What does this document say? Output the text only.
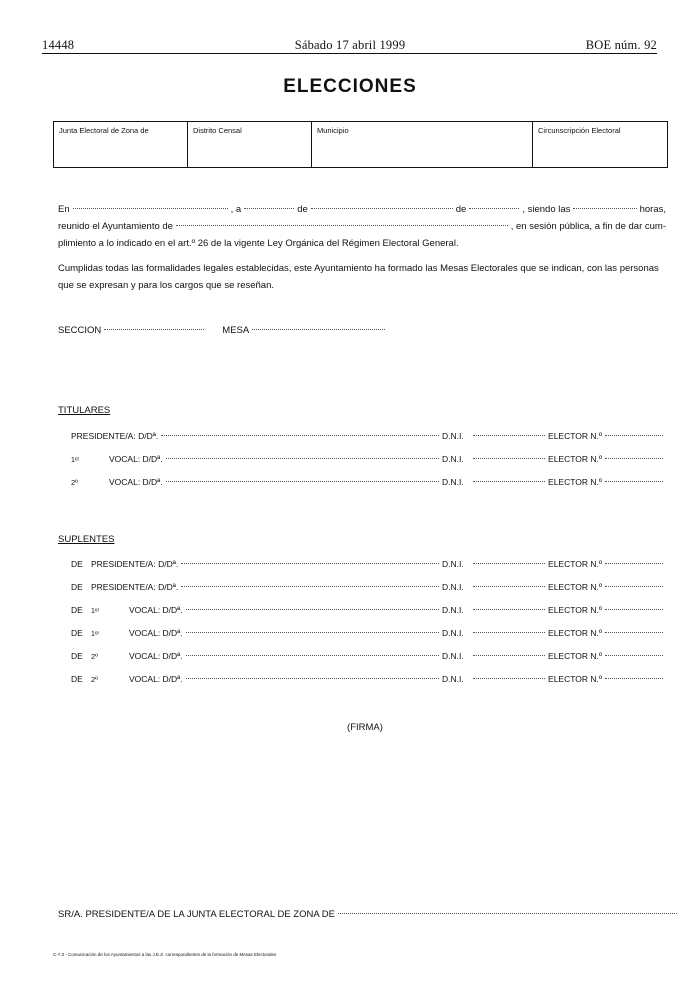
14448	Sábado 17 abril 1999	BOE núm. 92
ELECCIONES
Junta Electoral de Zona de	Distrito Censal	Municipio	Circunscripción Electoral
En	, a	de	de	, siendo las	horas,
reunido el Ayuntamiento de	, en sesión pública, a fin de dar cum-
plimiento a lo indicado en el art.º 26 de la vigente Ley Orgánica del Régimen Electoral General.
Cumplidas todas las formalidades legales establecidas, este Ayuntamiento ha formado las Mesas Electorales que se indican, con las personas que se expresan y para los cargos que se reseñan.
SECCION	MESA
TITULARES
PRESIDENTE/A: D/Dª.	D.N.I.	ELECTOR N.º
1ᵉʳ	VOCAL: D/Dª.	D.N.I.	ELECTOR N.º
2º	VOCAL: D/Dª.	D.N.I.	ELECTOR N.º
SUPLENTES
DE PRESIDENTE/A: D/Dª.	D.N.I.	ELECTOR N.º
DE PRESIDENTE/A: D/Dª.	D.N.I.	ELECTOR N.º
DE	1ᵉʳ	VOCAL: D/Dª.	D.N.I.	ELECTOR N.º
DE	1ᵉʳ	VOCAL: D/Dª.	D.N.I.	ELECTOR N.º
DE	2º	VOCAL: D/Dª.	D.N.I.	ELECTOR N.º
DE	2º	VOCAL: D/Dª.	D.N.I.	ELECTOR N.º
(FIRMA)
SR/A. PRESIDENTE/A DE LA JUNTA ELECTORAL DE ZONA DE
C-7.3 - Comunicación de los Ayuntamientos a las J.E.Z. correspondientes de la formación de Mesas Electorales
